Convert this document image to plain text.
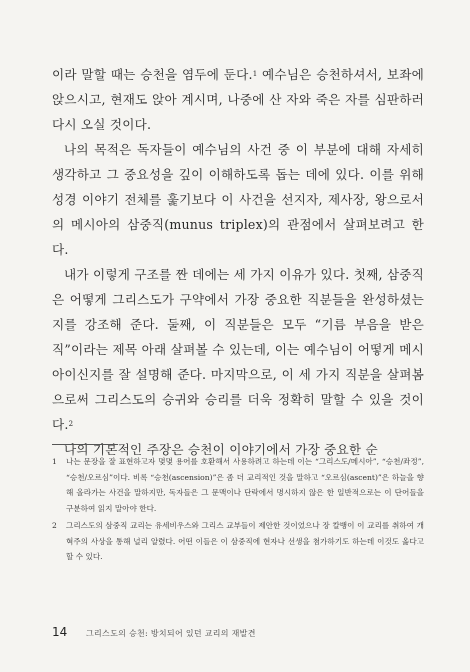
이라 말할 때는 승천을 염두에 둔다.$^1$ 예수님은 승천하셔서, 보좌에 앉으시고, 현재도 앉아 계시며, 나중에 산 자와 죽은 자를 심판하러 다시 오실 것이다.

나의 목적은 독자들이 예수님의 사건 중 이 부분에 대해 자세히 생각하고 그 중요성을 깊이 이해하도록 돕는 데에 있다. 이를 위해 성경 이야기 전체를 훑기보다 이 사건을 선지자, 제사장, 왕으로서의 메시아의 삼중직(munus triplex)의 관점에서 살펴보려고 한다.

내가 이렇게 구조를 짠 데에는 세 가지 이유가 있다. 첫째, 삼중직은 어떻게 그리스도가 구약에서 가장 중요한 직분들을 완성하셨는지를 강조해 준다. 둘째, 이 직분들은 모두 “기름 부음을 받은 직”이라는 제목 아래 살펴볼 수 있는데, 이는 예수님이 어떻게 메시아이신지를 잘 설명해 준다. 마지막으로, 이 세 가지 직분을 살펴봄으로써 그리스도의 승귀와 승리를 더욱 정확히 말할 수 있을 것이다.$^2$

나의 기본적인 주장은 승천이 이야기에서 가장 중요한 순

1	나는 문장을 잘 표현하고자 몇몇 용어를 호환해서 사용하려고 하는데 이는 “그리스도/메시아”, “승천/좌정”, “승천/오르심”이다. 비록 “승천(ascension)”은 좀 더 교리적인 것을 말하고 “오르심(ascent)”은 하늘을 향해 올라가는 사건을 말하지만, 독자들은 그 문맥이나 단락에서 명시하지 않은 한 일반적으로는 이 단어들을 구분하여 읽지 말아야 한다.
2	그리스도의 삼중직 교리는 유세비우스와 그리스 교부들이 제안한 것이었으나 장 칼뱅이 이 교리를 취하여 개혁주의 사상을 통해 널리 알렸다. 어떤 이들은 이 삼중직에 현자나 선생을 첨가하기도 하는데 이것도 옳다고 할 수 있다.
14	그리스도의 승천: 방치되어 있던 교리의 재발견
